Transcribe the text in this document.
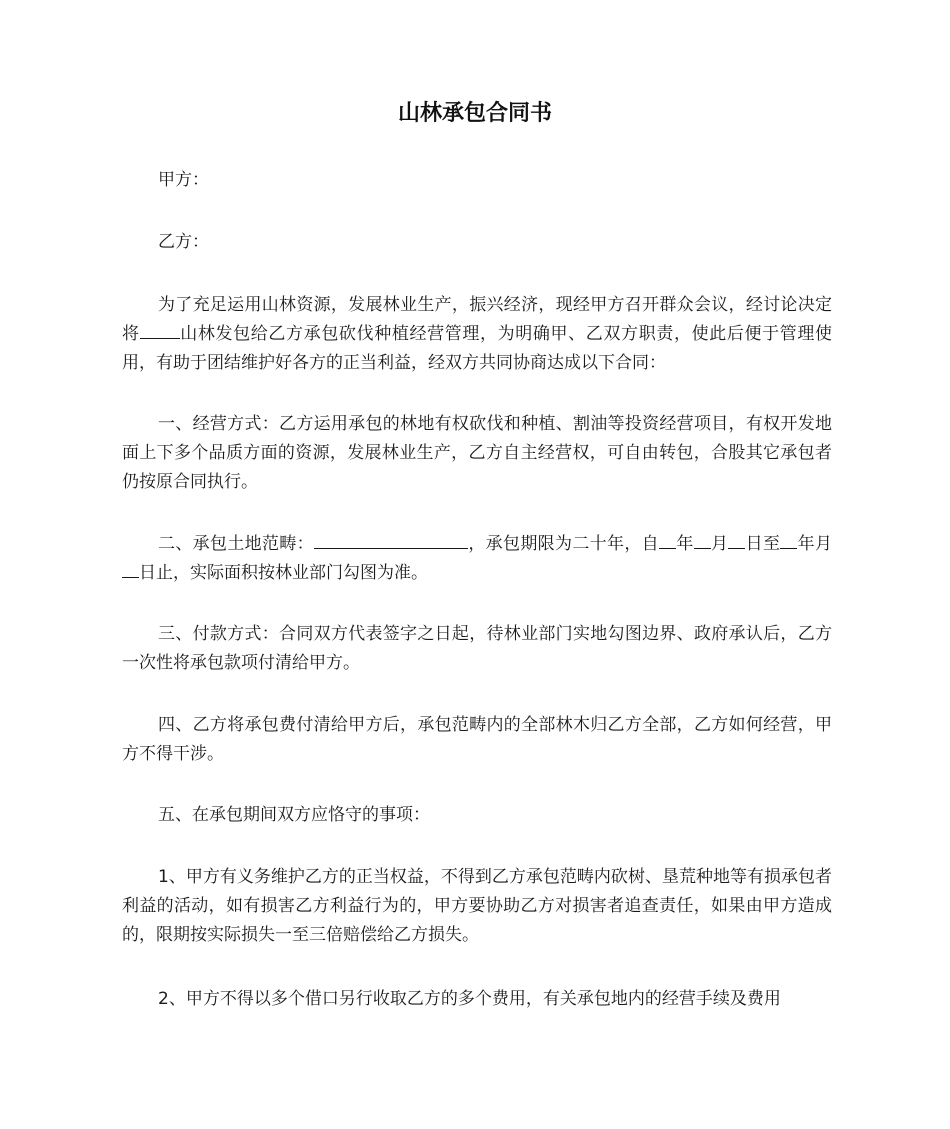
山林承包合同书

甲方：

乙方：

为了充足运用山林资源，发展林业生产，振兴经济，现经甲方召开群众会议，经讨论决定将 山林发包给乙方承包砍伐种植经营管理，为明确甲、乙双方职责，使此后便于管理使用，有助于团结维护好各方的正当利益，经双方共同协商达成以下合同：

一、经营方式：乙方运用承包的林地有权砍伐和种植、割油等投资经营项目，有权开发地面上下多个品质方面的资源，发展林业生产，乙方自主经营权，可自由转包，合股其它承包者仍按原合同执行。

二、承包土地范畴：	，承包期限为二十年，自 年 月 日至 年月日止，实际面积按林业部门勾图为准。

三、付款方式：合同双方代表签字之日起，待林业部门实地勾图边界、政府承认后，乙方一次性将承包款项付清给甲方。

四、乙方将承包费付清给甲方后，承包范畴内的全部林木归乙方全部，乙方如何经营，甲方不得干涉。

五、在承包期间双方应恪守的事项：

1、甲方有义务维护乙方的正当权益，不得到乙方承包范畴内砍树、垦荒种地等有损承包者利益的活动，如有损害乙方利益行为的，甲方要协助乙方对损害者追查责任，如果由甲方造成的，限期按实际损失一至三倍赔偿给乙方损失。

2、甲方不得以多个借口另行收取乙方的多个费用，有关承包地内的经营手续及费用
